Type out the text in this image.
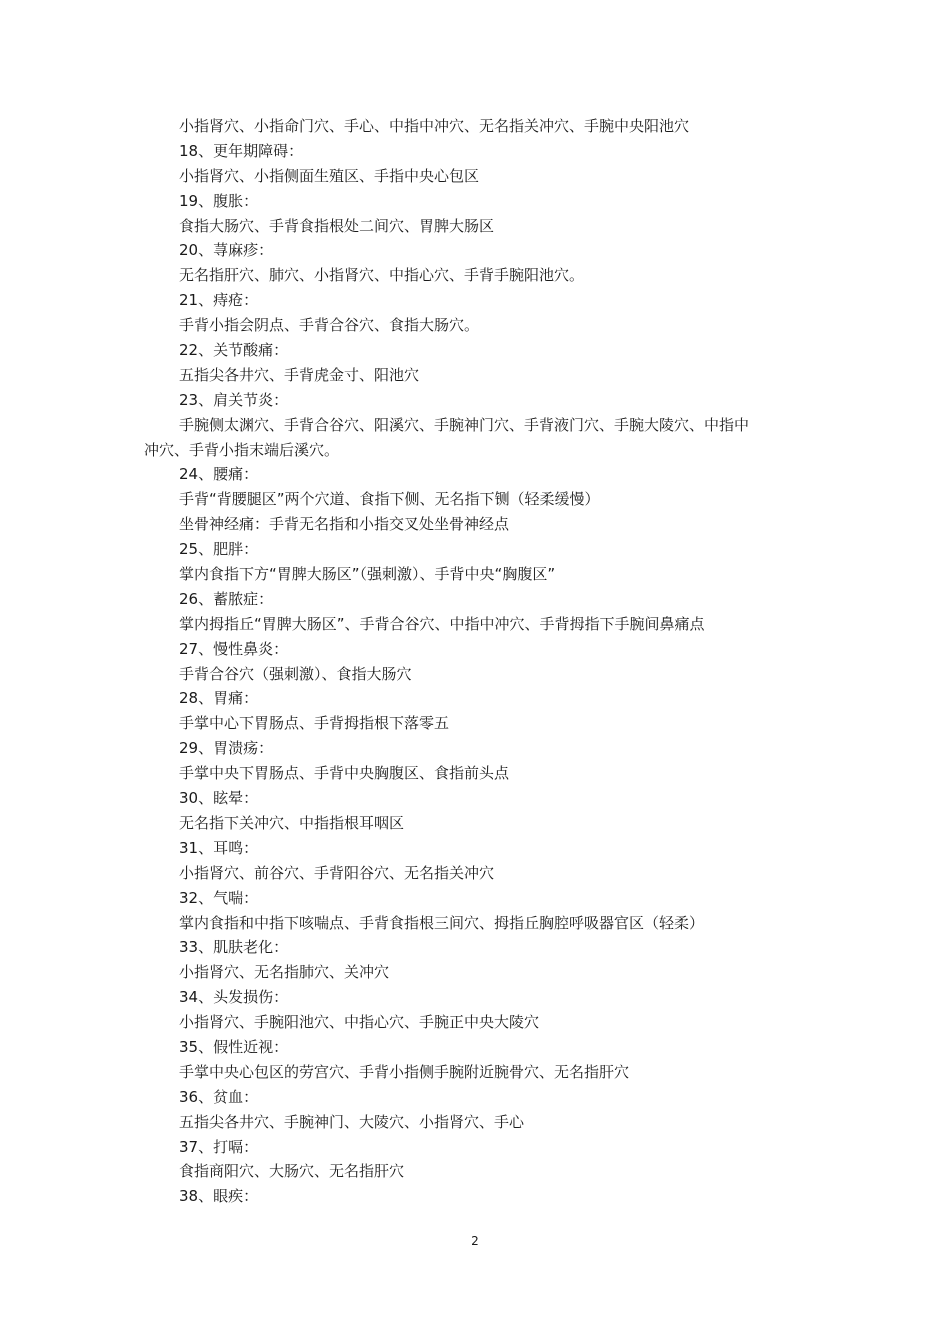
小指肾穴、小指命门穴、手心、中指中冲穴、无名指关冲穴、手腕中央阳池穴
18、更年期障碍：
小指肾穴、小指侧面生殖区、手指中央心包区
19、腹胀：
食指大肠穴、手背食指根处二间穴、胃脾大肠区
20、荨麻疹：
无名指肝穴、肺穴、小指肾穴、中指心穴、手背手腕阳池穴。
21、痔疮：
手背小指会阴点、手背合谷穴、食指大肠穴。
22、关节酸痛：
五指尖各井穴、手背虎金寸、阳池穴
23、肩关节炎：
手腕侧太渊穴、手背合谷穴、阳溪穴、手腕神门穴、手背液门穴、手腕大陵穴、中指中
冲穴、手背小指末端后溪穴。
24、腰痛：
手背“背腰腿区”两个穴道、食指下侧、无名指下铡（轻柔缓慢）
坐骨神经痛：手背无名指和小指交叉处坐骨神经点
25、肥胖：
掌内食指下方“胃脾大肠区”（强刺激）、手背中央“胸腹区”
26、蓄脓症：
掌内拇指丘“胃脾大肠区”、手背合谷穴、中指中冲穴、手背拇指下手腕间鼻痛点
27、慢性鼻炎：
手背合谷穴（强刺激）、食指大肠穴
28、胃痛：
手掌中心下胃肠点、手背拇指根下落零五
29、胃溃疡：
手掌中央下胃肠点、手背中央胸腹区、食指前头点
30、眩晕：
无名指下关冲穴、中指指根耳咽区
31、耳鸣：
小指肾穴、前谷穴、手背阳谷穴、无名指关冲穴
32、气喘：
掌内食指和中指下咳喘点、手背食指根三间穴、拇指丘胸腔呼吸器官区（轻柔）
33、肌肤老化：
小指肾穴、无名指肺穴、关冲穴
34、头发损伤：
小指肾穴、手腕阳池穴、中指心穴、手腕正中央大陵穴
35、假性近视：
手掌中央心包区的劳宫穴、手背小指侧手腕附近腕骨穴、无名指肝穴
36、贫血：
五指尖各井穴、手腕神门、大陵穴、小指肾穴、手心
37、打嗝：
食指商阳穴、大肠穴、无名指肝穴
38、眼疾：
2
